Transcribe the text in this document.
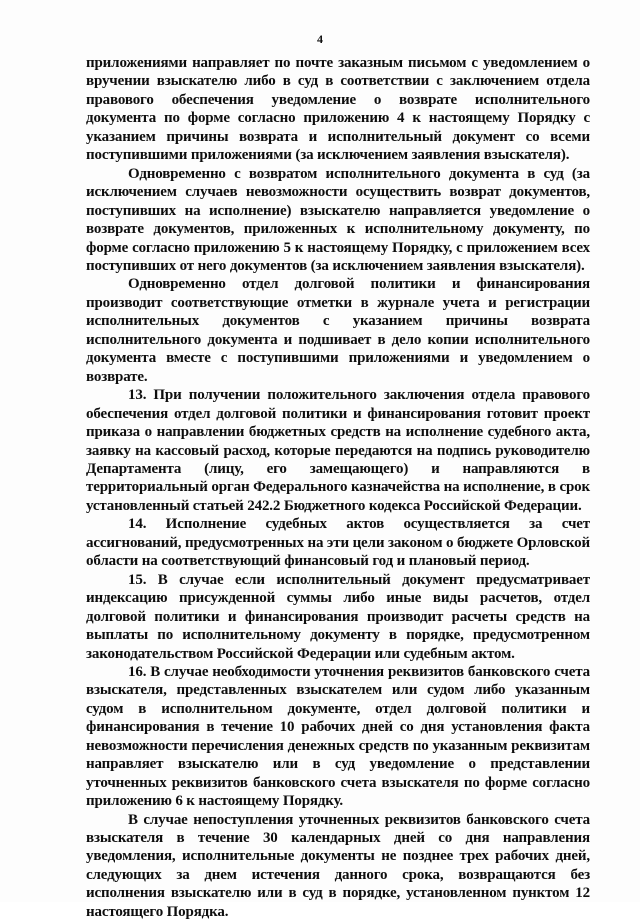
4

приложениями направляет по почте заказным письмом с уведомлением о вручении взыскателю либо в суд в соответствии с заключением отдела правового обеспечения уведомление о возврате исполнительного документа по форме согласно приложению 4 к настоящему Порядку с указанием причины возврата и исполнительный документ со всеми поступившими приложениями (за исключением заявления взыскателя).

Одновременно с возвратом исполнительного документа в суд (за исключением случаев невозможности осуществить возврат документов, поступивших на исполнение) взыскателю направляется уведомление о возврате документов, приложенных к исполнительному документу, по форме согласно приложению 5 к настоящему Порядку, с приложением всех поступивших от него документов (за исключением заявления взыскателя).

Одновременно отдел долговой политики и финансирования производит соответствующие отметки в журнале учета и регистрации исполнительных документов с указанием причины возврата исполнительного документа и подшивает в дело копии исполнительного документа вместе с поступившими приложениями и уведомлением о возврате.

13. При получении положительного заключения отдела правового обеспечения отдел долговой политики и финансирования готовит проект приказа о направлении бюджетных средств на исполнение судебного акта, заявку на кассовый расход, которые передаются на подпись руководителю Департамента (лицу, его замещающего) и направляются в территориальный орган Федерального казначейства на исполнение, в срок установленный статьей 242.2 Бюджетного кодекса Российской Федерации.

14. Исполнение судебных актов осуществляется за счет ассигнований, предусмотренных на эти цели законом о бюджете Орловской области на соответствующий финансовый год и плановый период.

15. В случае если исполнительный документ предусматривает индексацию присужденной суммы либо иные виды расчетов, отдел долговой политики и финансирования производит расчеты средств на выплаты по исполнительному документу в порядке, предусмотренном законодательством Российской Федерации или судебным актом.

16. В случае необходимости уточнения реквизитов банковского счета взыскателя, представленных взыскателем или судом либо указанным судом в исполнительном документе, отдел долговой политики и финансирования в течение 10 рабочих дней со дня установления факта невозможности перечисления денежных средств по указанным реквизитам направляет взыскателю или в суд уведомление о представлении уточненных реквизитов банковского счета взыскателя по форме согласно приложению 6 к настоящему Порядку.

В случае непоступления уточненных реквизитов банковского счета взыскателя в течение 30 календарных дней со дня направления уведомления, исполнительные документы не позднее трех рабочих дней, следующих за днем истечения данного срока, возвращаются без исполнения взыскателю или в суд в порядке, установленном пунктом 12 настоящего Порядка.
